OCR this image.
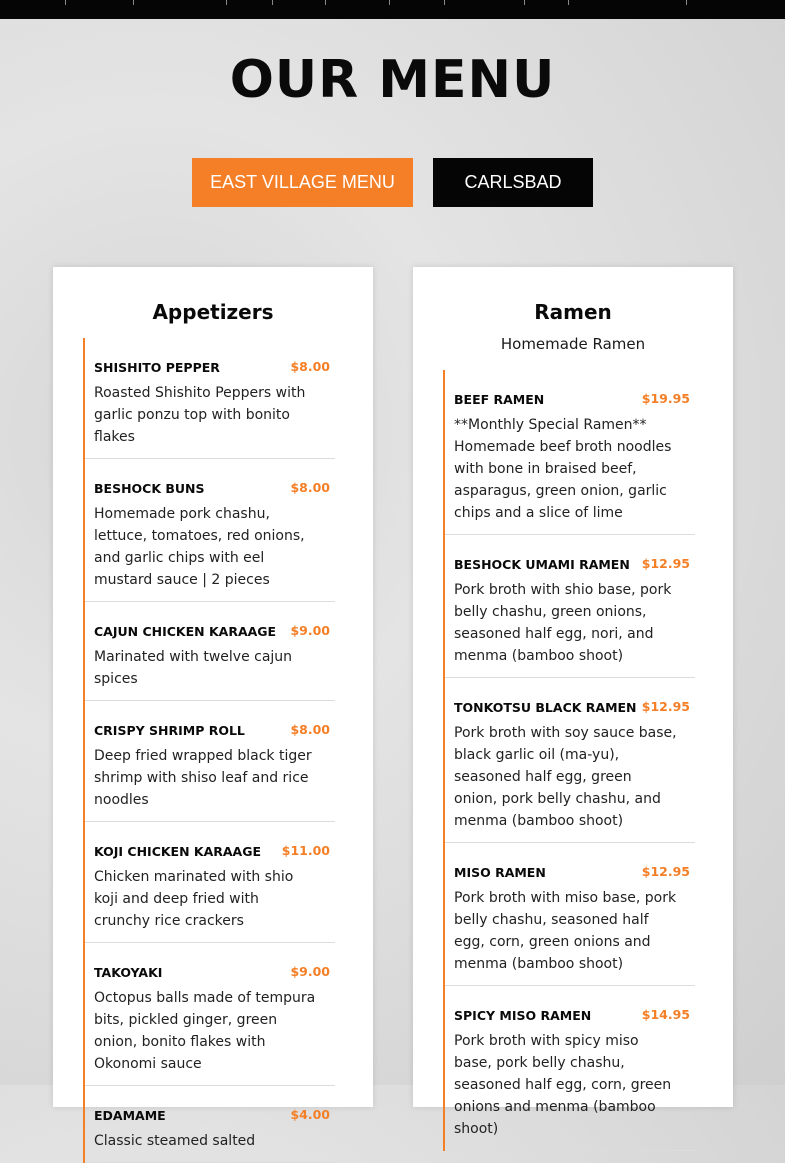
OUR MENU
EAST VILLAGE MENU	CARLSBAD
Appetizers
SHISHITO PEPPER	$8.00
Roasted Shishito Peppers with garlic ponzu top with bonito flakes
BESHOCK BUNS	$8.00
Homemade pork chashu, lettuce, tomatoes, red onions, and garlic chips with eel mustard sauce | 2 pieces
CAJUN CHICKEN KARAAGE	$9.00
Marinated with twelve cajun spices
CRISPY SHRIMP ROLL	$8.00
Deep fried wrapped black tiger shrimp with shiso leaf and rice noodles
KOJI CHICKEN KARAAGE	$11.00
Chicken marinated with shio koji and deep fried with crunchy rice crackers
TAKOYAKI	$9.00
Octopus balls made of tempura bits, pickled ginger, green onion, bonito flakes with Okonomi sauce
EDAMAME	$4.00
Classic steamed salted
Ramen
Homemade Ramen
BEEF RAMEN	$19.95
**Monthly Special Ramen** Homemade beef broth noodles with bone in braised beef, asparagus, green onion, garlic chips and a slice of lime
BESHOCK UMAMI RAMEN $12.95
Pork broth with shio base, pork belly chashu, green onions, seasoned half egg, nori, and menma (bamboo shoot)
TONKOTSU BLACK RAMEN $12.95
Pork broth with soy sauce base, black garlic oil (ma-yu), seasoned half egg, green onion, pork belly chashu, and menma (bamboo shoot)
MISO RAMEN	$12.95
Pork broth with miso base, pork belly chashu, seasoned half egg, corn, green onions and menma (bamboo shoot)
SPICY MISO RAMEN	$14.95
Pork broth with spicy miso base, pork belly chashu, seasoned half egg, corn, green onions and menma (bamboo shoot)
